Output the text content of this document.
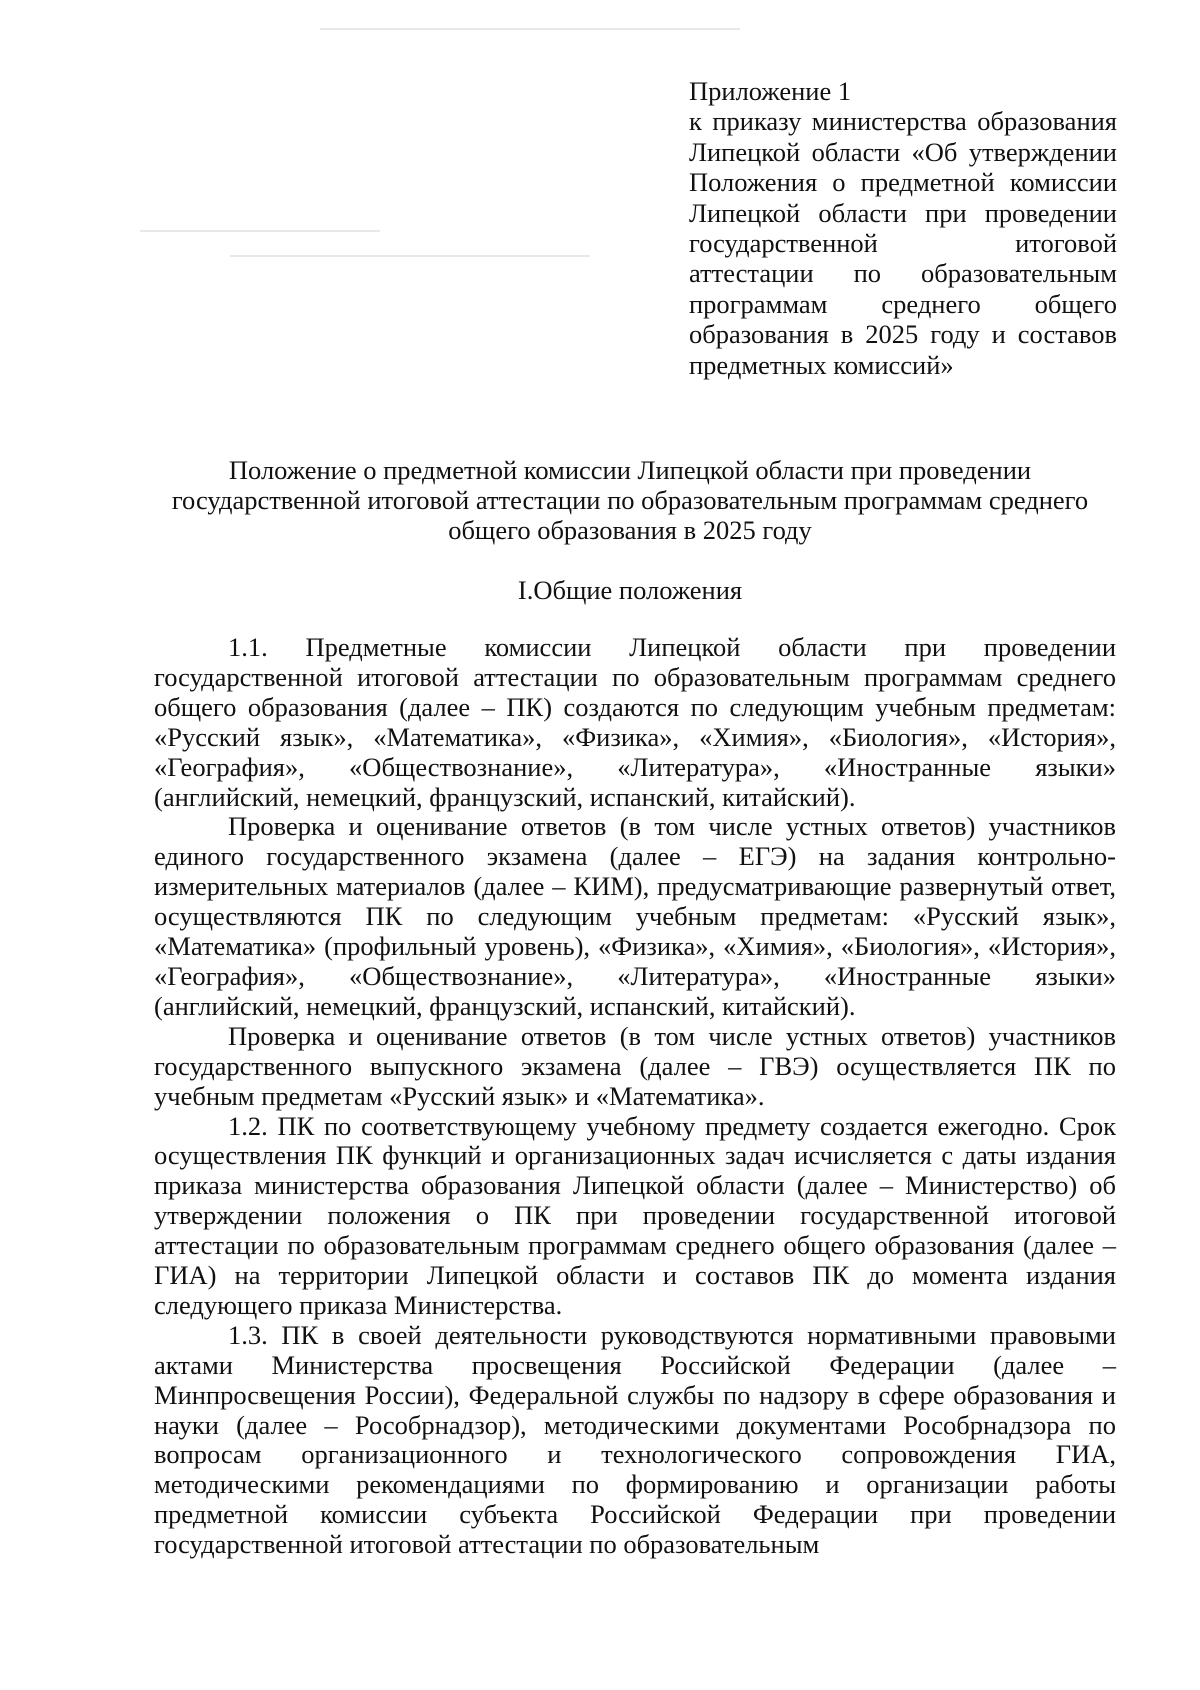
Приложение 1

к приказу министерства образования Липецкой области «Об утверждении Положения о предметной комиссии Липецкой области при проведении государственной итоговой аттестации по образовательным программам среднего общего образования в 2025 году и составов предметных комиссий»

Положение о предметной комиссии Липецкой области при проведении государственной итоговой аттестации по образовательным программам среднего общего образования в 2025 году
I.Общие положения

1.1. Предметные комиссии Липецкой области при проведении государственной итоговой аттестации по образовательным программам среднего общего образования (далее – ПК) создаются по следующим учебным предметам: «Русский язык», «Математика», «Физика», «Химия», «Биология», «История», «География», «Обществознание», «Литература», «Иностранные языки» (английский, немецкий, французский, испанский, китайский).

Проверка и оценивание ответов (в том числе устных ответов) участников единого государственного экзамена (далее – ЕГЭ) на задания контрольно-измерительных материалов (далее – КИМ), предусматривающие развернутый ответ, осуществляются ПК по следующим учебным предметам: «Русский язык», «Математика» (профильный уровень), «Физика», «Химия», «Биология», «История», «География», «Обществознание», «Литература», «Иностранные языки» (английский, немецкий, французский, испанский, китайский).

Проверка и оценивание ответов (в том числе устных ответов) участников государственного выпускного экзамена (далее – ГВЭ) осуществляется ПК по учебным предметам «Русский язык» и «Математика».

1.2. ПК по соответствующему учебному предмету создается ежегодно. Срок осуществления ПК функций и организационных задач исчисляется с даты издания приказа министерства образования Липецкой области (далее – Министерство) об утверждении положения о ПК при проведении государственной итоговой аттестации по образовательным программам среднего общего образования (далее – ГИА) на территории Липецкой области и составов ПК до момента издания следующего приказа Министерства.

1.3. ПК в своей деятельности руководствуются нормативными правовыми актами Министерства просвещения Российской Федерации (далее – Минпросвещения России), Федеральной службы по надзору в сфере образования и науки (далее – Рособрнадзор), методическими документами Рособрнадзора по вопросам организационного и технологического сопровождения ГИА, методическими рекомендациями по формированию и организации работы предметной комиссии субъекта Российской Федерации при проведении государственной итоговой аттестации по образовательным
